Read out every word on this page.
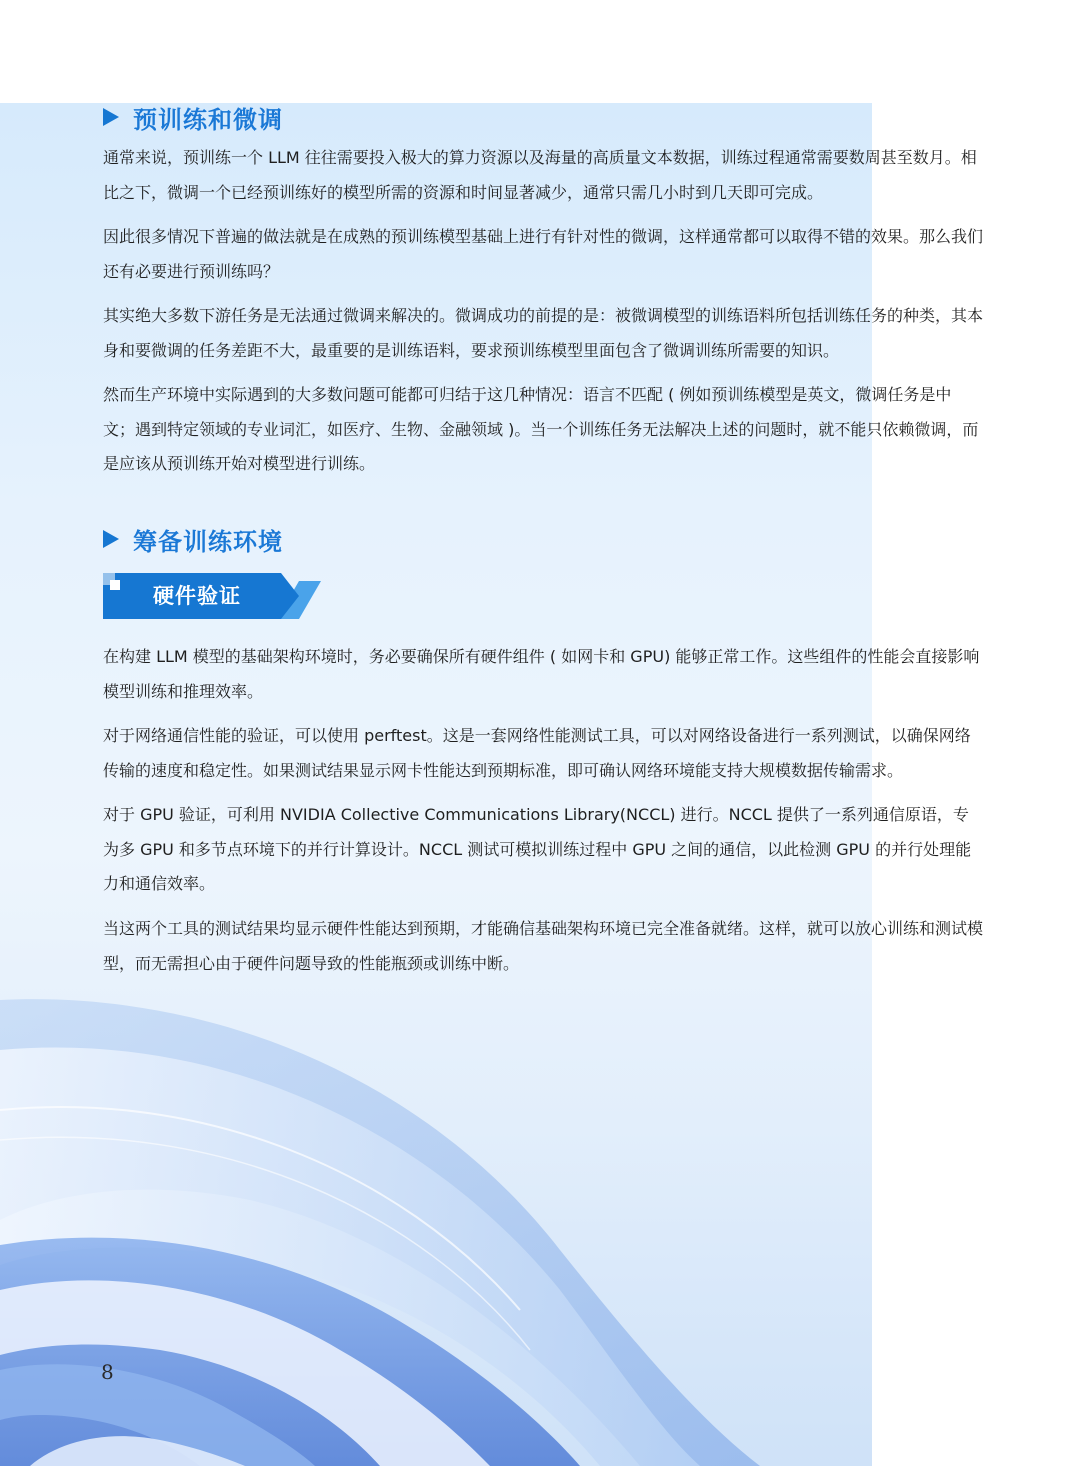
预训练和微调

通常来说，预训练一个 LLM 往往需要投入极大的算力资源以及海量的高质量文本数据，训练过程通常需要数周甚至数月。相比之下，微调一个已经预训练好的模型所需的资源和时间显著减少，通常只需几小时到几天即可完成。

因此很多情况下普遍的做法就是在成熟的预训练模型基础上进行有针对性的微调，这样通常都可以取得不错的效果。那么我们还有必要进行预训练吗？

其实绝大多数下游任务是无法通过微调来解决的。微调成功的前提的是：被微调模型的训练语料所包括训练任务的种类，其本身和要微调的任务差距不大，最重要的是训练语料，要求预训练模型里面包含了微调训练所需要的知识。

然而生产环境中实际遇到的大多数问题可能都可归结于这几种情况：语言不匹配 ( 例如预训练模型是英文，微调任务是中文；遇到特定领域的专业词汇，如医疗、生物、金融领域 )。当一个训练任务无法解决上述的问题时，就不能只依赖微调，而是应该从预训练开始对模型进行训练。

筹备训练环境
硬件验证

在构建 LLM 模型的基础架构环境时，务必要确保所有硬件组件 ( 如网卡和 GPU) 能够正常工作。这些组件的性能会直接影响模型训练和推理效率。

对于网络通信性能的验证，可以使用 perftest。这是一套网络性能测试工具，可以对网络设备进行一系列测试，以确保网络传输的速度和稳定性。如果测试结果显示网卡性能达到预期标准，即可确认网络环境能支持大规模数据传输需求。

对于 GPU 验证，可利用 NVIDIA Collective Communications Library(NCCL) 进行。NCCL 提供了一系列通信原语，专为多 GPU 和多节点环境下的并行计算设计。NCCL 测试可模拟训练过程中 GPU 之间的通信，以此检测 GPU 的并行处理能力和通信效率。

当这两个工具的测试结果均显示硬件性能达到预期，才能确信基础架构环境已完全准备就绪。这样，就可以放心训练和测试模型，而无需担心由于硬件问题导致的性能瓶颈或训练中断。

8
